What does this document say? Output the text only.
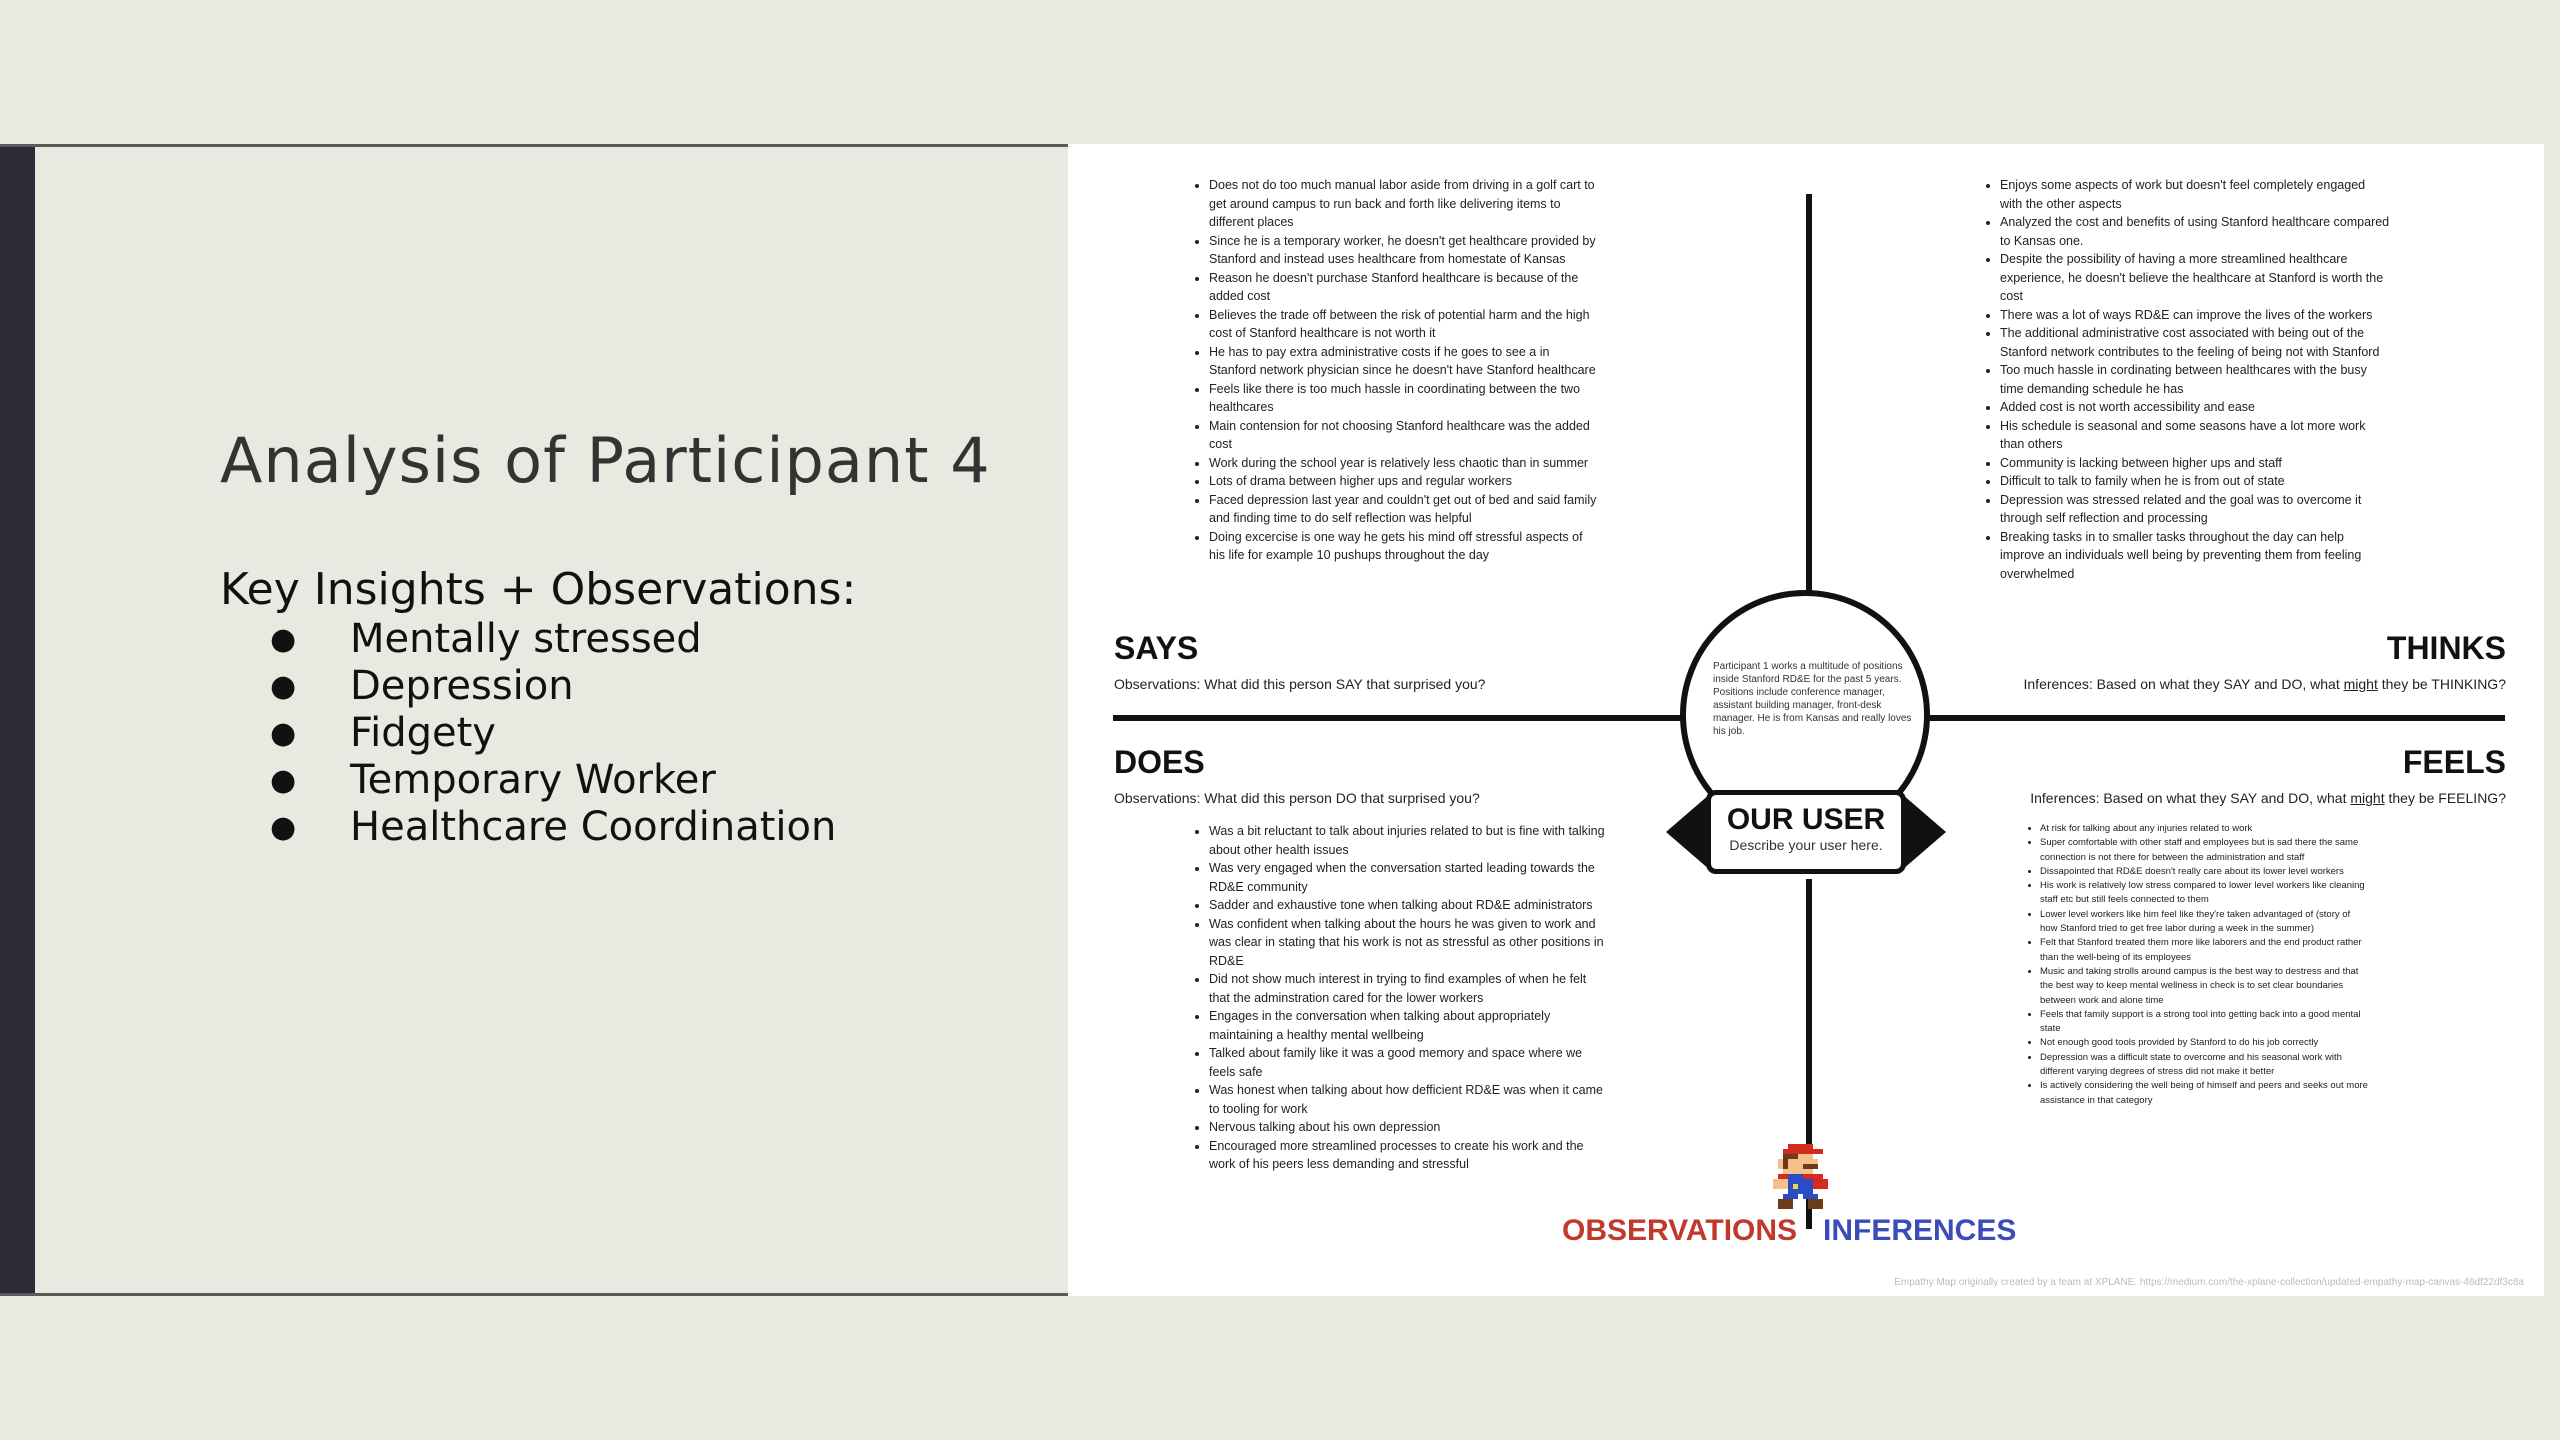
Analysis of Participant 4
Key Insights + Observations:
● Mentally stressed
● Depression
● Fidgety
● Temporary Worker
● Healthcare Coordination
• Does not do too much manual labor aside from driving in a golf cart to get around campus to run back and forth like delivering items to different places
• Since he is a temporary worker, he doesn't get healthcare provided by Stanford and instead uses healthcare from homestate of Kansas
• Reason he doesn't purchase Stanford healthcare is because of the added cost
• Believes the trade off between the risk of potential harm and the high cost of Stanford healthcare is not worth it
• He has to pay extra administrative costs if he goes to see a in Stanford network physician since he doesn't have Stanford healthcare
• Feels like there is too much hassle in coordinating between the two healthcares
• Main contension for not choosing Stanford healthcare was the added cost
• Work during the school year is relatively less chaotic than in summer
• Lots of drama between higher ups and regular workers
• Faced depression last year and couldn't get out of bed and said family and finding time to do self reflection was helpful
• Doing excercise is one way he gets his mind off stressful aspects of his life for example 10 pushups throughout the day
SAYS
Observations: What did this person SAY that surprised you?
• Enjoys some aspects of work but doesn't feel completely engaged with the other aspects
• Analyzed the cost and benefits of using Stanford healthcare compared to Kansas one.
• Despite the possibility of having a more streamlined healthcare experience, he doesn't believe the healthcare at Stanford is worth the cost
• There was a lot of ways RD&E can improve the lives of the workers
• The additional administrative cost associated with being out of the Stanford network contributes to the feeling of being not with Stanford
• Too much hassle in cordinating between healthcares with the busy time demanding schedule he has
• Added cost is not worth accessibility and ease
• His schedule is seasonal and some seasons have a lot more work than others
• Community is lacking between higher ups and staff
• Difficult to talk to family when he is from out of state
• Depression was stressed related and the goal was to overcome it through self reflection and processing
• Breaking tasks in to smaller tasks throughout the day can help improve an individuals well being by preventing them from feeling overwhelmed
THINKS
Inferences: Based on what they SAY and DO, what might they be THINKING?
DOES
Observations: What did this person DO that surprised you?
• Was a bit reluctant to talk about injuries related to but is fine with talking about other health issues
• Was very engaged when the conversation started leading towards the RD&E community
• Sadder and exhaustive tone when talking about RD&E administrators
• Was confident when talking about the hours he was given to work and was clear in stating that his work is not as stressful as other positions in RD&E
• Did not show much interest in trying to find examples of when he felt that the adminstration cared for the lower workers
• Engages in the conversation when talking about appropriately maintaining a healthy mental wellbeing
• Talked about family like it was a good memory and space where we feels safe
• Was honest when talking about how defficient RD&E was when it came to tooling for work
• Nervous talking about his own depression
• Encouraged more streamlined processes to create his work and the work of his peers less demanding and stressful
FEELS
Inferences: Based on what they SAY and DO, what might they be FEELING?
• At risk for talking about any injuries related to work
• Super comfortable with other staff and employees but is sad there the same connection is not there for between the administration and staff
• Dissapointed that RD&E doesn't really care about its lower level workers
• His work is relatively low stress compared to lower level workers like cleaning staff etc but still feels connected to them
• Lower level workers like him feel like they're taken advantaged of (story of how Stanford tried to get free labor during a week in the summer)
• Felt that Stanford treated them more like laborers and the end product rather than the well-being of its employees
• Music and taking strolls around campus is the best way to destress and that the best way to keep mental wellness in check is to set clear boundaries between work and alone time
• Feels that family support is a strong tool into getting back into a good mental state
• Not enough good tools provided by Stanford to do his job correctly
• Depression was a difficult state to overcome and his seasonal work with different varying degrees of stress did not make it better
• Is actively considering the well being of himself and peers and seeks out more assistance in that category
Participant 1 works a multitude of positions inside Stanford RD&E for the past 5 years. Positions include conference manager, assistant building manager, front-desk manager. He is from Kansas and really loves his job.
OUR USER
Describe your user here.
OBSERVATIONS INFERENCES
Empathy Map originally created by a team at XPLANE. https://medium.com/the-xplane-collection/updated-empathy-map-canvas-46df22df3c8a
